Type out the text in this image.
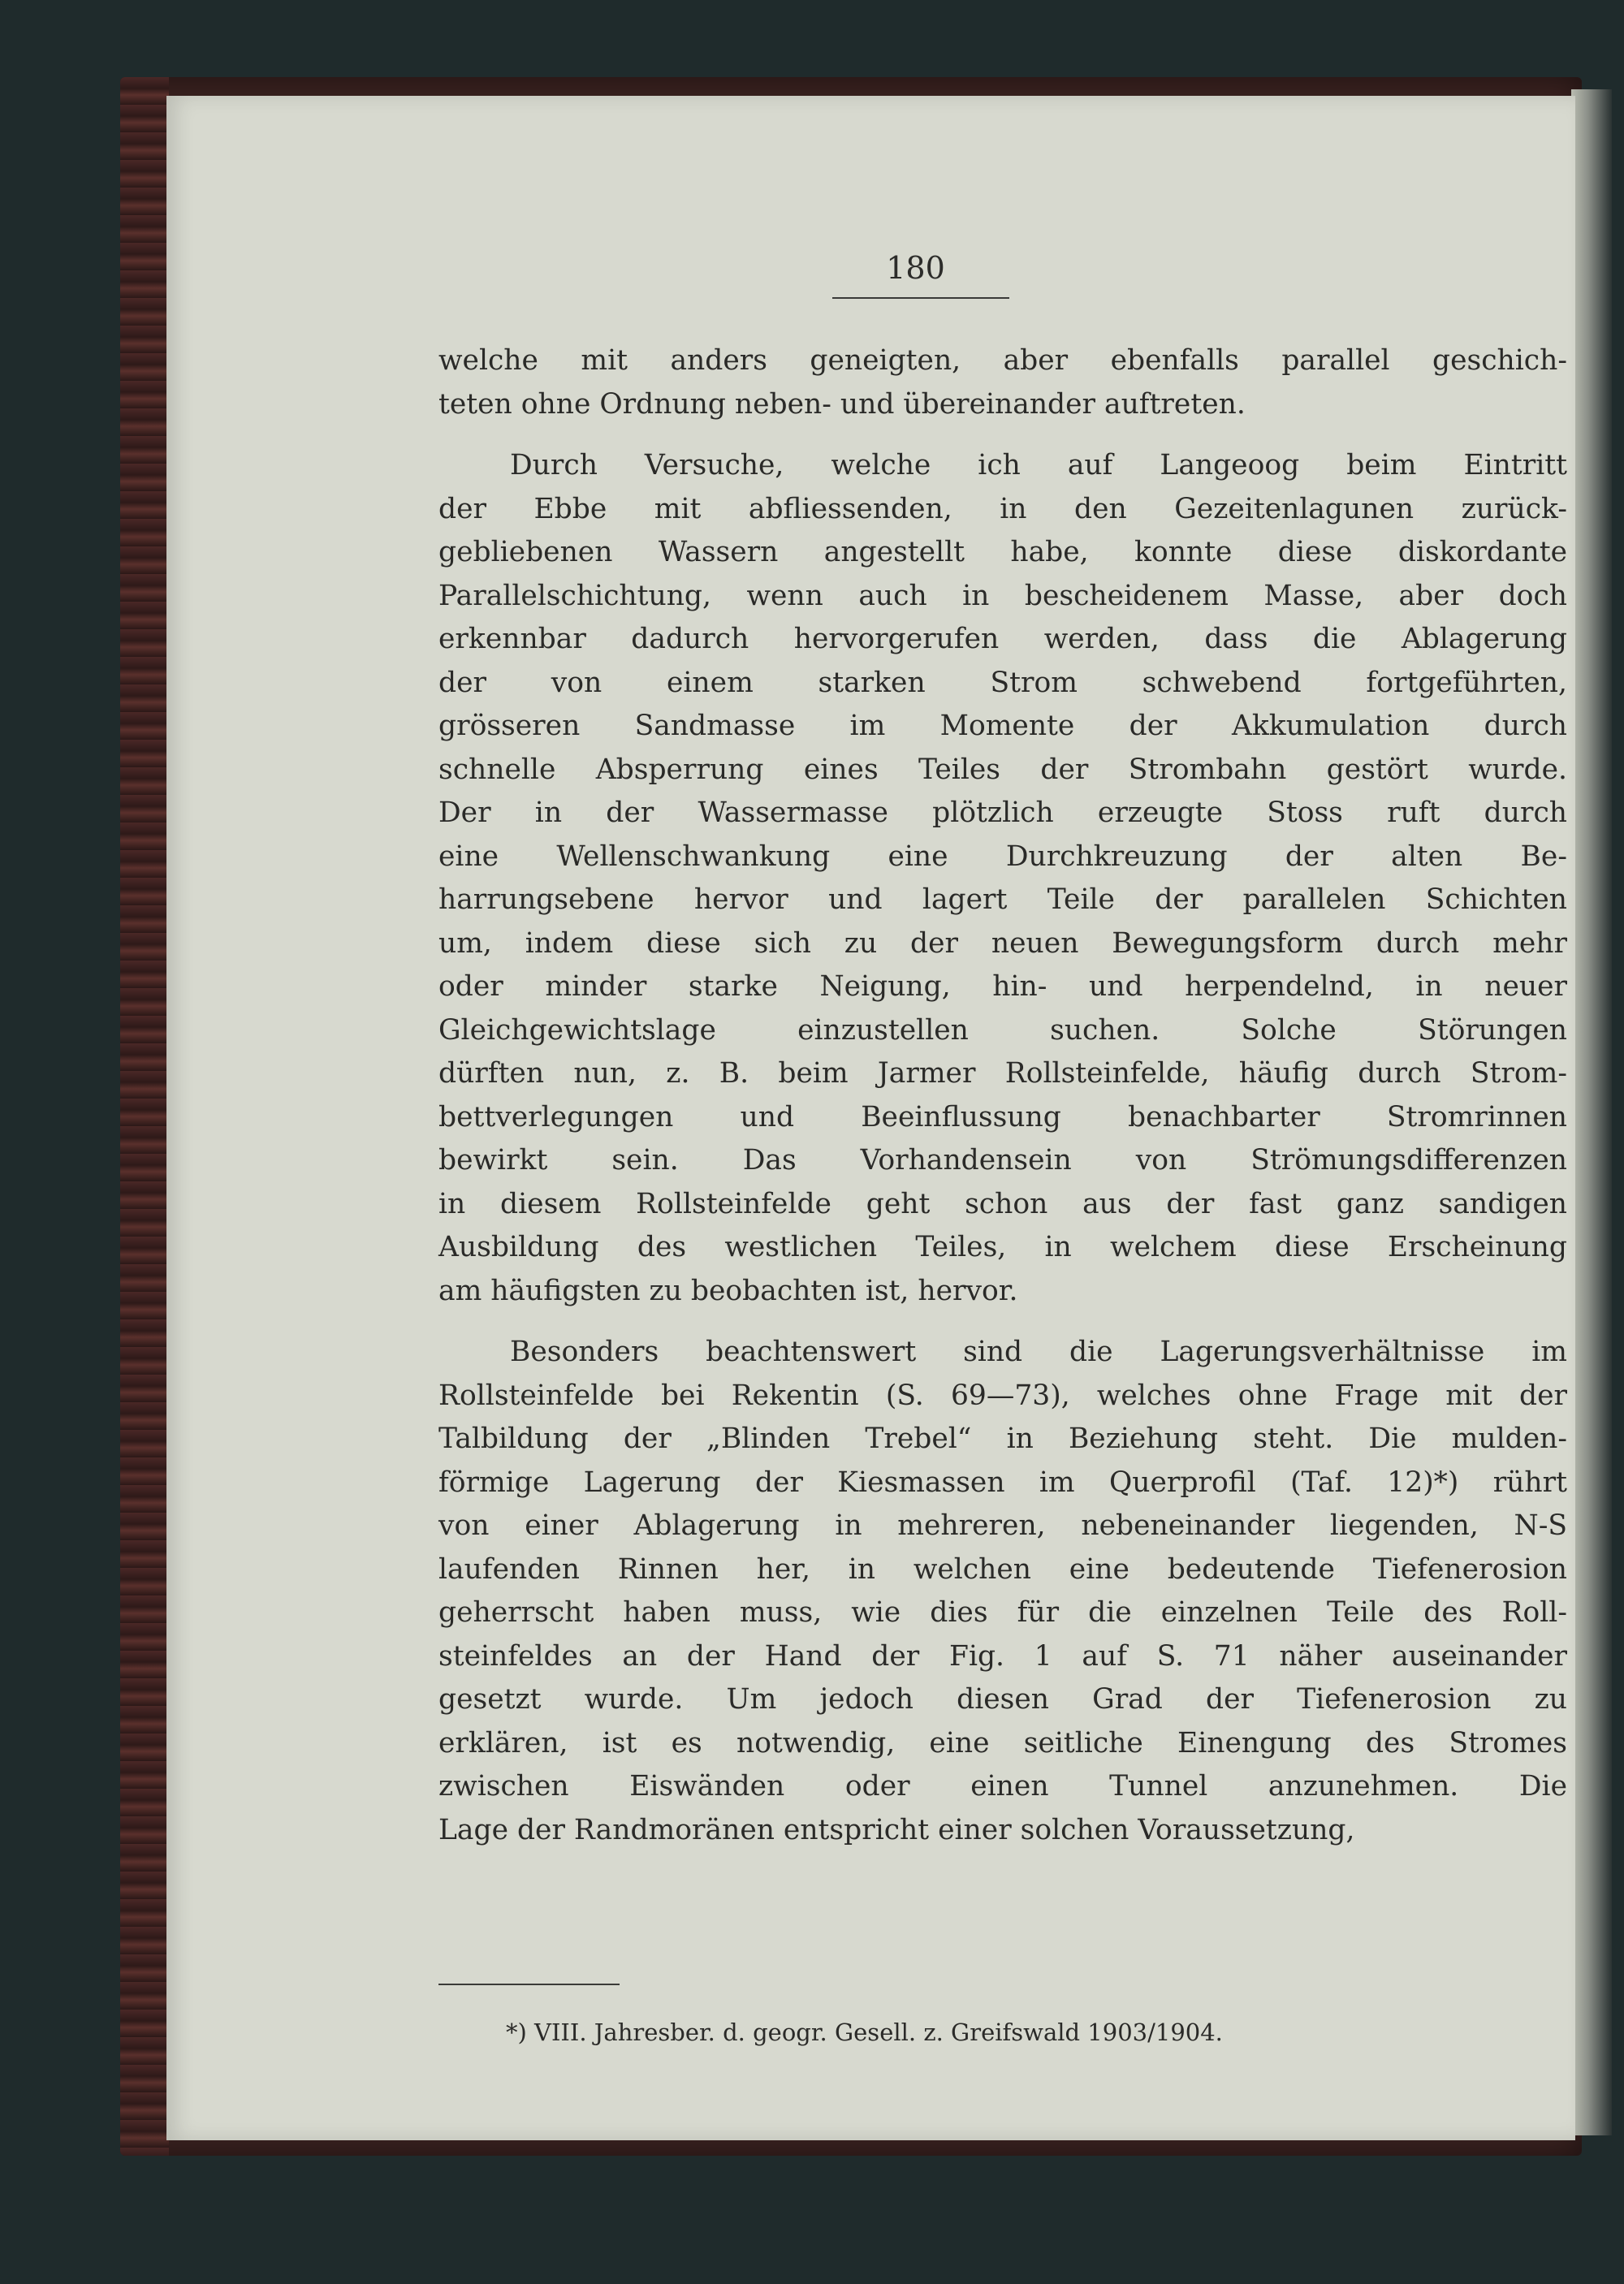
180
welche mit anders geneigten, aber ebenfalls parallel geschich-
teten ohne Ordnung neben- und übereinander auftreten.
Durch Versuche, welche ich auf Langeoog beim Eintritt
der Ebbe mit abfliessenden, in den Gezeitenlagunen zurück-
gebliebenen Wassern angestellt habe, konnte diese diskordante
Parallelschichtung, wenn auch in bescheidenem Masse, aber doch
erkennbar dadurch hervorgerufen werden, dass die Ablagerung
der von einem starken Strom schwebend fortgeführten,
grösseren Sandmasse im Momente der Akkumulation durch
schnelle Absperrung eines Teiles der Strombahn gestört wurde.
Der in der Wassermasse plötzlich erzeugte Stoss ruft durch
eine Wellenschwankung eine Durchkreuzung der alten Be-
harrungsebene hervor und lagert Teile der parallelen Schichten
um, indem diese sich zu der neuen Bewegungsform durch mehr
oder minder starke Neigung, hin- und herpendelnd, in neuer
Gleichgewichtslage einzustellen suchen. Solche Störungen
dürften nun, z. B. beim Jarmer Rollsteinfelde, häufig durch Strom-
bettverlegungen und Beeinflussung benachbarter Stromrinnen
bewirkt sein. Das Vorhandensein von Strömungsdifferenzen
in diesem Rollsteinfelde geht schon aus der fast ganz sandigen
Ausbildung des westlichen Teiles, in welchem diese Erscheinung
am häufigsten zu beobachten ist, hervor.
Besonders beachtenswert sind die Lagerungsverhältnisse im
Rollsteinfelde bei Rekentin (S. 69—73), welches ohne Frage mit der
Talbildung der „Blinden Trebel“ in Beziehung steht. Die mulden-
förmige Lagerung der Kiesmassen im Querprofil (Taf. 12)*) rührt
von einer Ablagerung in mehreren, nebeneinander liegenden, N-S
laufenden Rinnen her, in welchen eine bedeutende Tiefenerosion
geherrscht haben muss, wie dies für die einzelnen Teile des Roll-
steinfeldes an der Hand der Fig. 1 auf S. 71 näher auseinander
gesetzt wurde. Um jedoch diesen Grad der Tiefenerosion zu
erklären, ist es notwendig, eine seitliche Einengung des Stromes
zwischen Eiswänden oder einen Tunnel anzunehmen. Die
Lage der Randmoränen entspricht einer solchen Voraussetzung,
*) VIII. Jahresber. d. geogr. Gesell. z. Greifswald 1903/1904.
